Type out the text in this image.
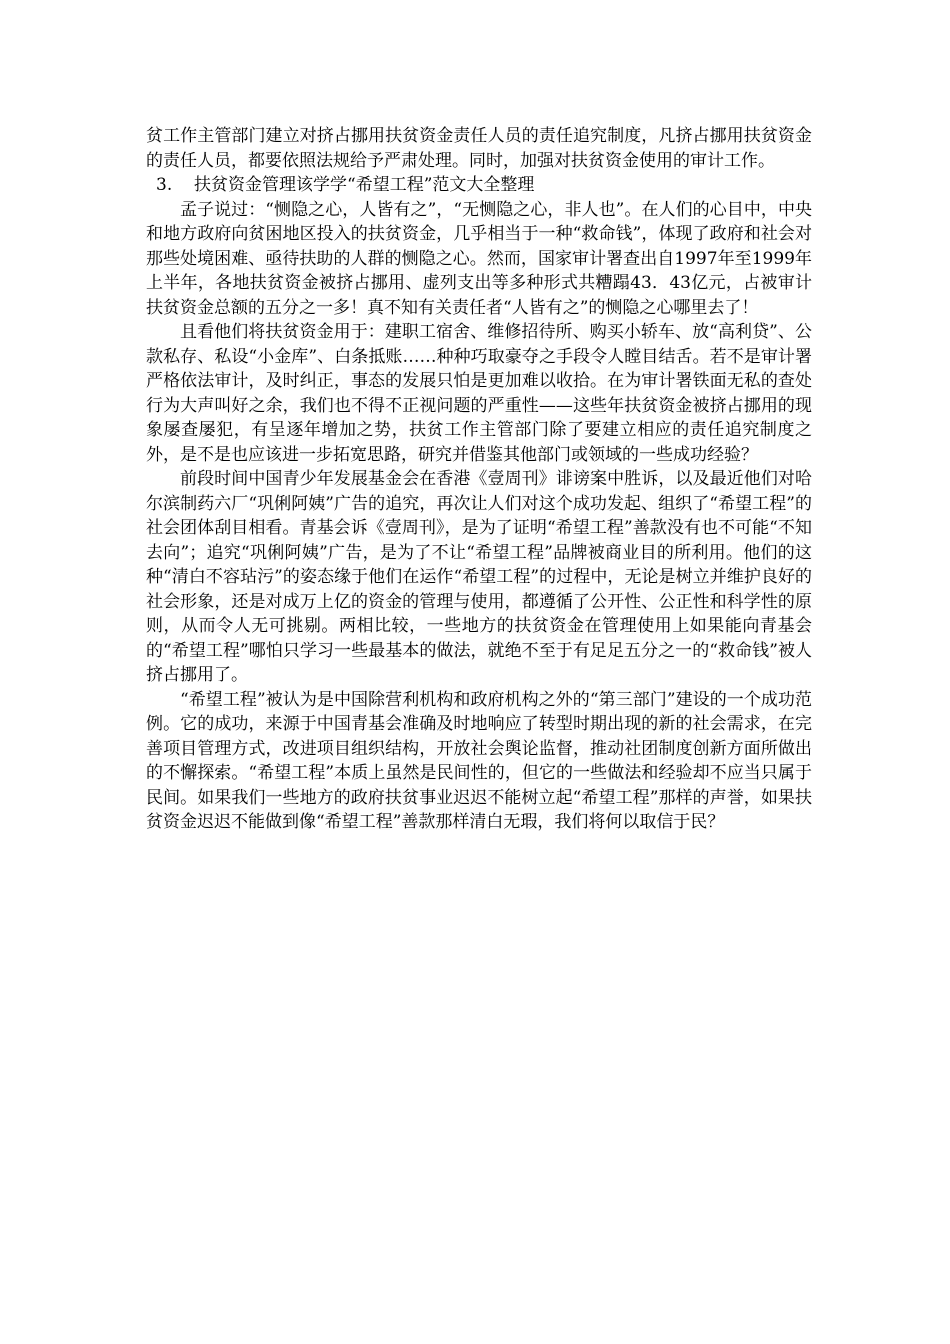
贫工作主管部门建立对挤占挪用扶贫资金责任人员的责任追究制度，凡挤占挪用扶贫资金的责任人员，都要依照法规给予严肃处理。同时，加强对扶贫资金使用的审计工作。

3. 扶贫资金管理该学学“希望工程”范文大全整理

孟子说过：“恻隐之心，人皆有之”，“无恻隐之心，非人也”。在人们的心目中，中央和地方政府向贫困地区投入的扶贫资金，几乎相当于一种“救命钱”，体现了政府和社会对那些处境困难、亟待扶助的人群的恻隐之心。然而，国家审计署查出自1997年至1999年上半年，各地扶贫资金被挤占挪用、虚列支出等多种形式共糟蹋43．43亿元，占被审计扶贫资金总额的五分之一多！真不知有关责任者“人皆有之”的恻隐之心哪里去了！

且看他们将扶贫资金用于：建职工宿舍、维修招待所、购买小轿车、放“高利贷”、公款私存、私设“小金库”、白条抵账……种种巧取豪夺之手段令人瞠目结舌。若不是审计署严格依法审计，及时纠正，事态的发展只怕是更加难以收拾。在为审计署铁面无私的查处行为大声叫好之余，我们也不得不正视问题的严重性——这些年扶贫资金被挤占挪用的现象屡查屡犯，有呈逐年增加之势，扶贫工作主管部门除了要建立相应的责任追究制度之外，是不是也应该进一步拓宽思路，研究并借鉴其他部门或领域的一些成功经验？

前段时间中国青少年发展基金会在香港《壹周刊》诽谤案中胜诉，以及最近他们对哈尔滨制药六厂“巩俐阿姨”广告的追究，再次让人们对这个成功发起、组织了“希望工程”的社会团体刮目相看。青基会诉《壹周刊》，是为了证明“希望工程”善款没有也不可能“不知去向”；追究“巩俐阿姨”广告，是为了不让“希望工程”品牌被商业目的所利用。他们的这种“清白不容玷污”的姿态缘于他们在运作“希望工程”的过程中，无论是树立并维护良好的社会形象，还是对成万上亿的资金的管理与使用，都遵循了公开性、公正性和科学性的原则，从而令人无可挑剔。两相比较，一些地方的扶贫资金在管理使用上如果能向青基会的“希望工程”哪怕只学习一些最基本的做法，就绝不至于有足足五分之一的“救命钱”被人挤占挪用了。

“希望工程”被认为是中国除营利机构和政府机构之外的“第三部门”建设的一个成功范例。它的成功，来源于中国青基会准确及时地响应了转型时期出现的新的社会需求，在完善项目管理方式，改进项目组织结构，开放社会舆论监督，推动社团制度创新方面所做出的不懈探索。“希望工程”本质上虽然是民间性的，但它的一些做法和经验却不应当只属于民间。如果我们一些地方的政府扶贫事业迟迟不能树立起“希望工程”那样的声誉，如果扶贫资金迟迟不能做到像“希望工程”善款那样清白无瑕，我们将何以取信于民？
